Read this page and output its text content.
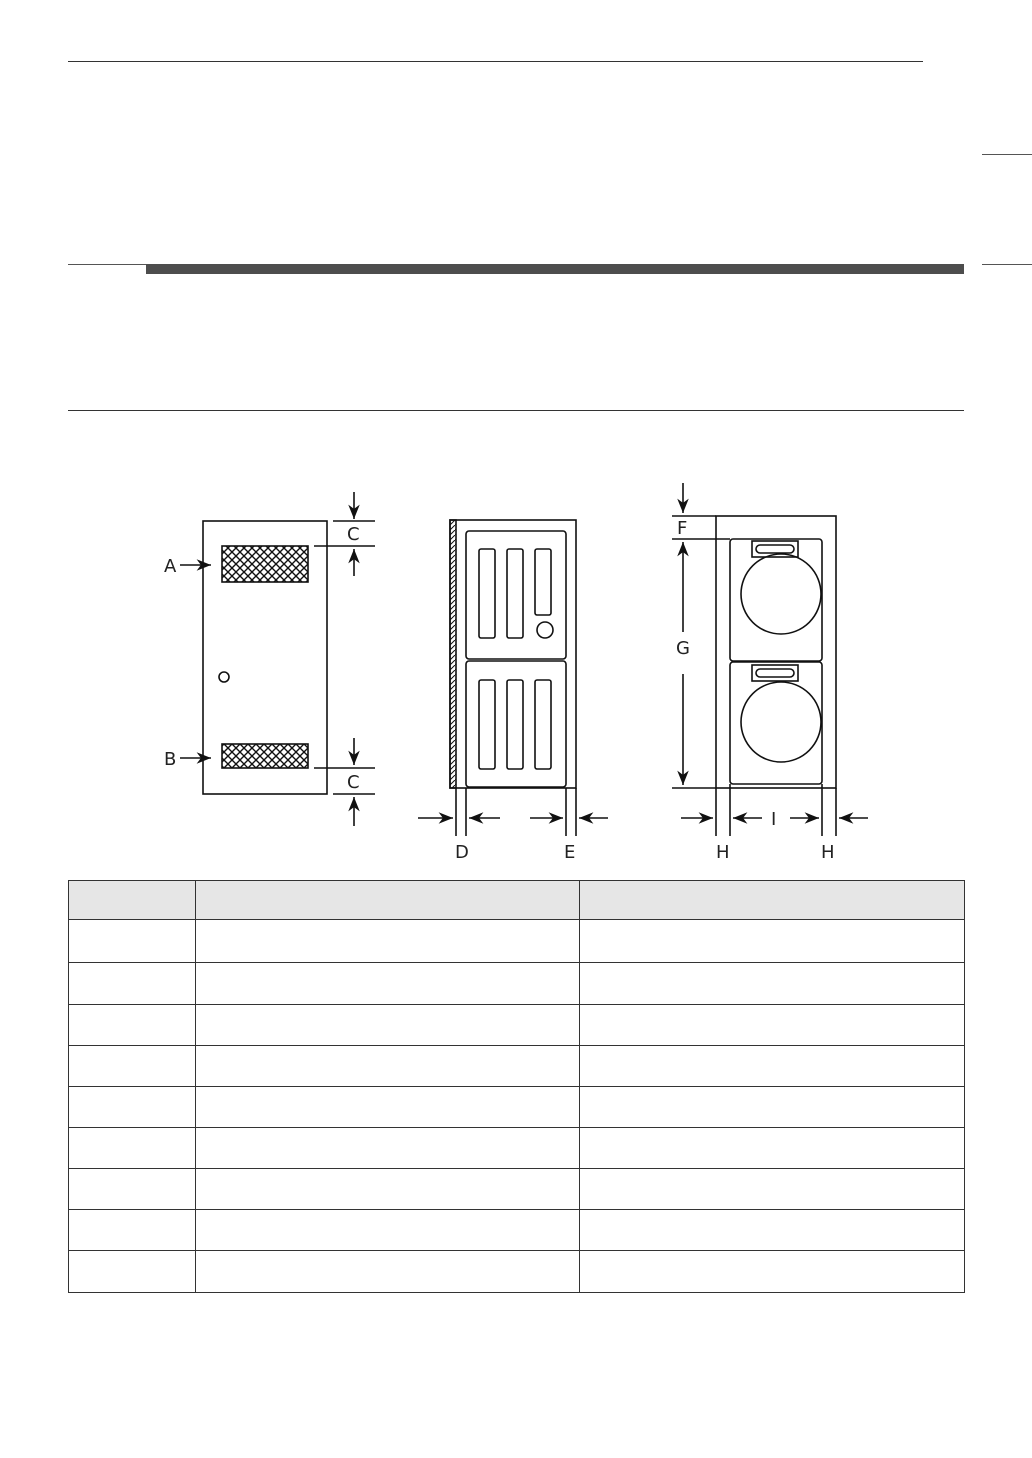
A
B
C
C
D	E
F
G
I
H	H
